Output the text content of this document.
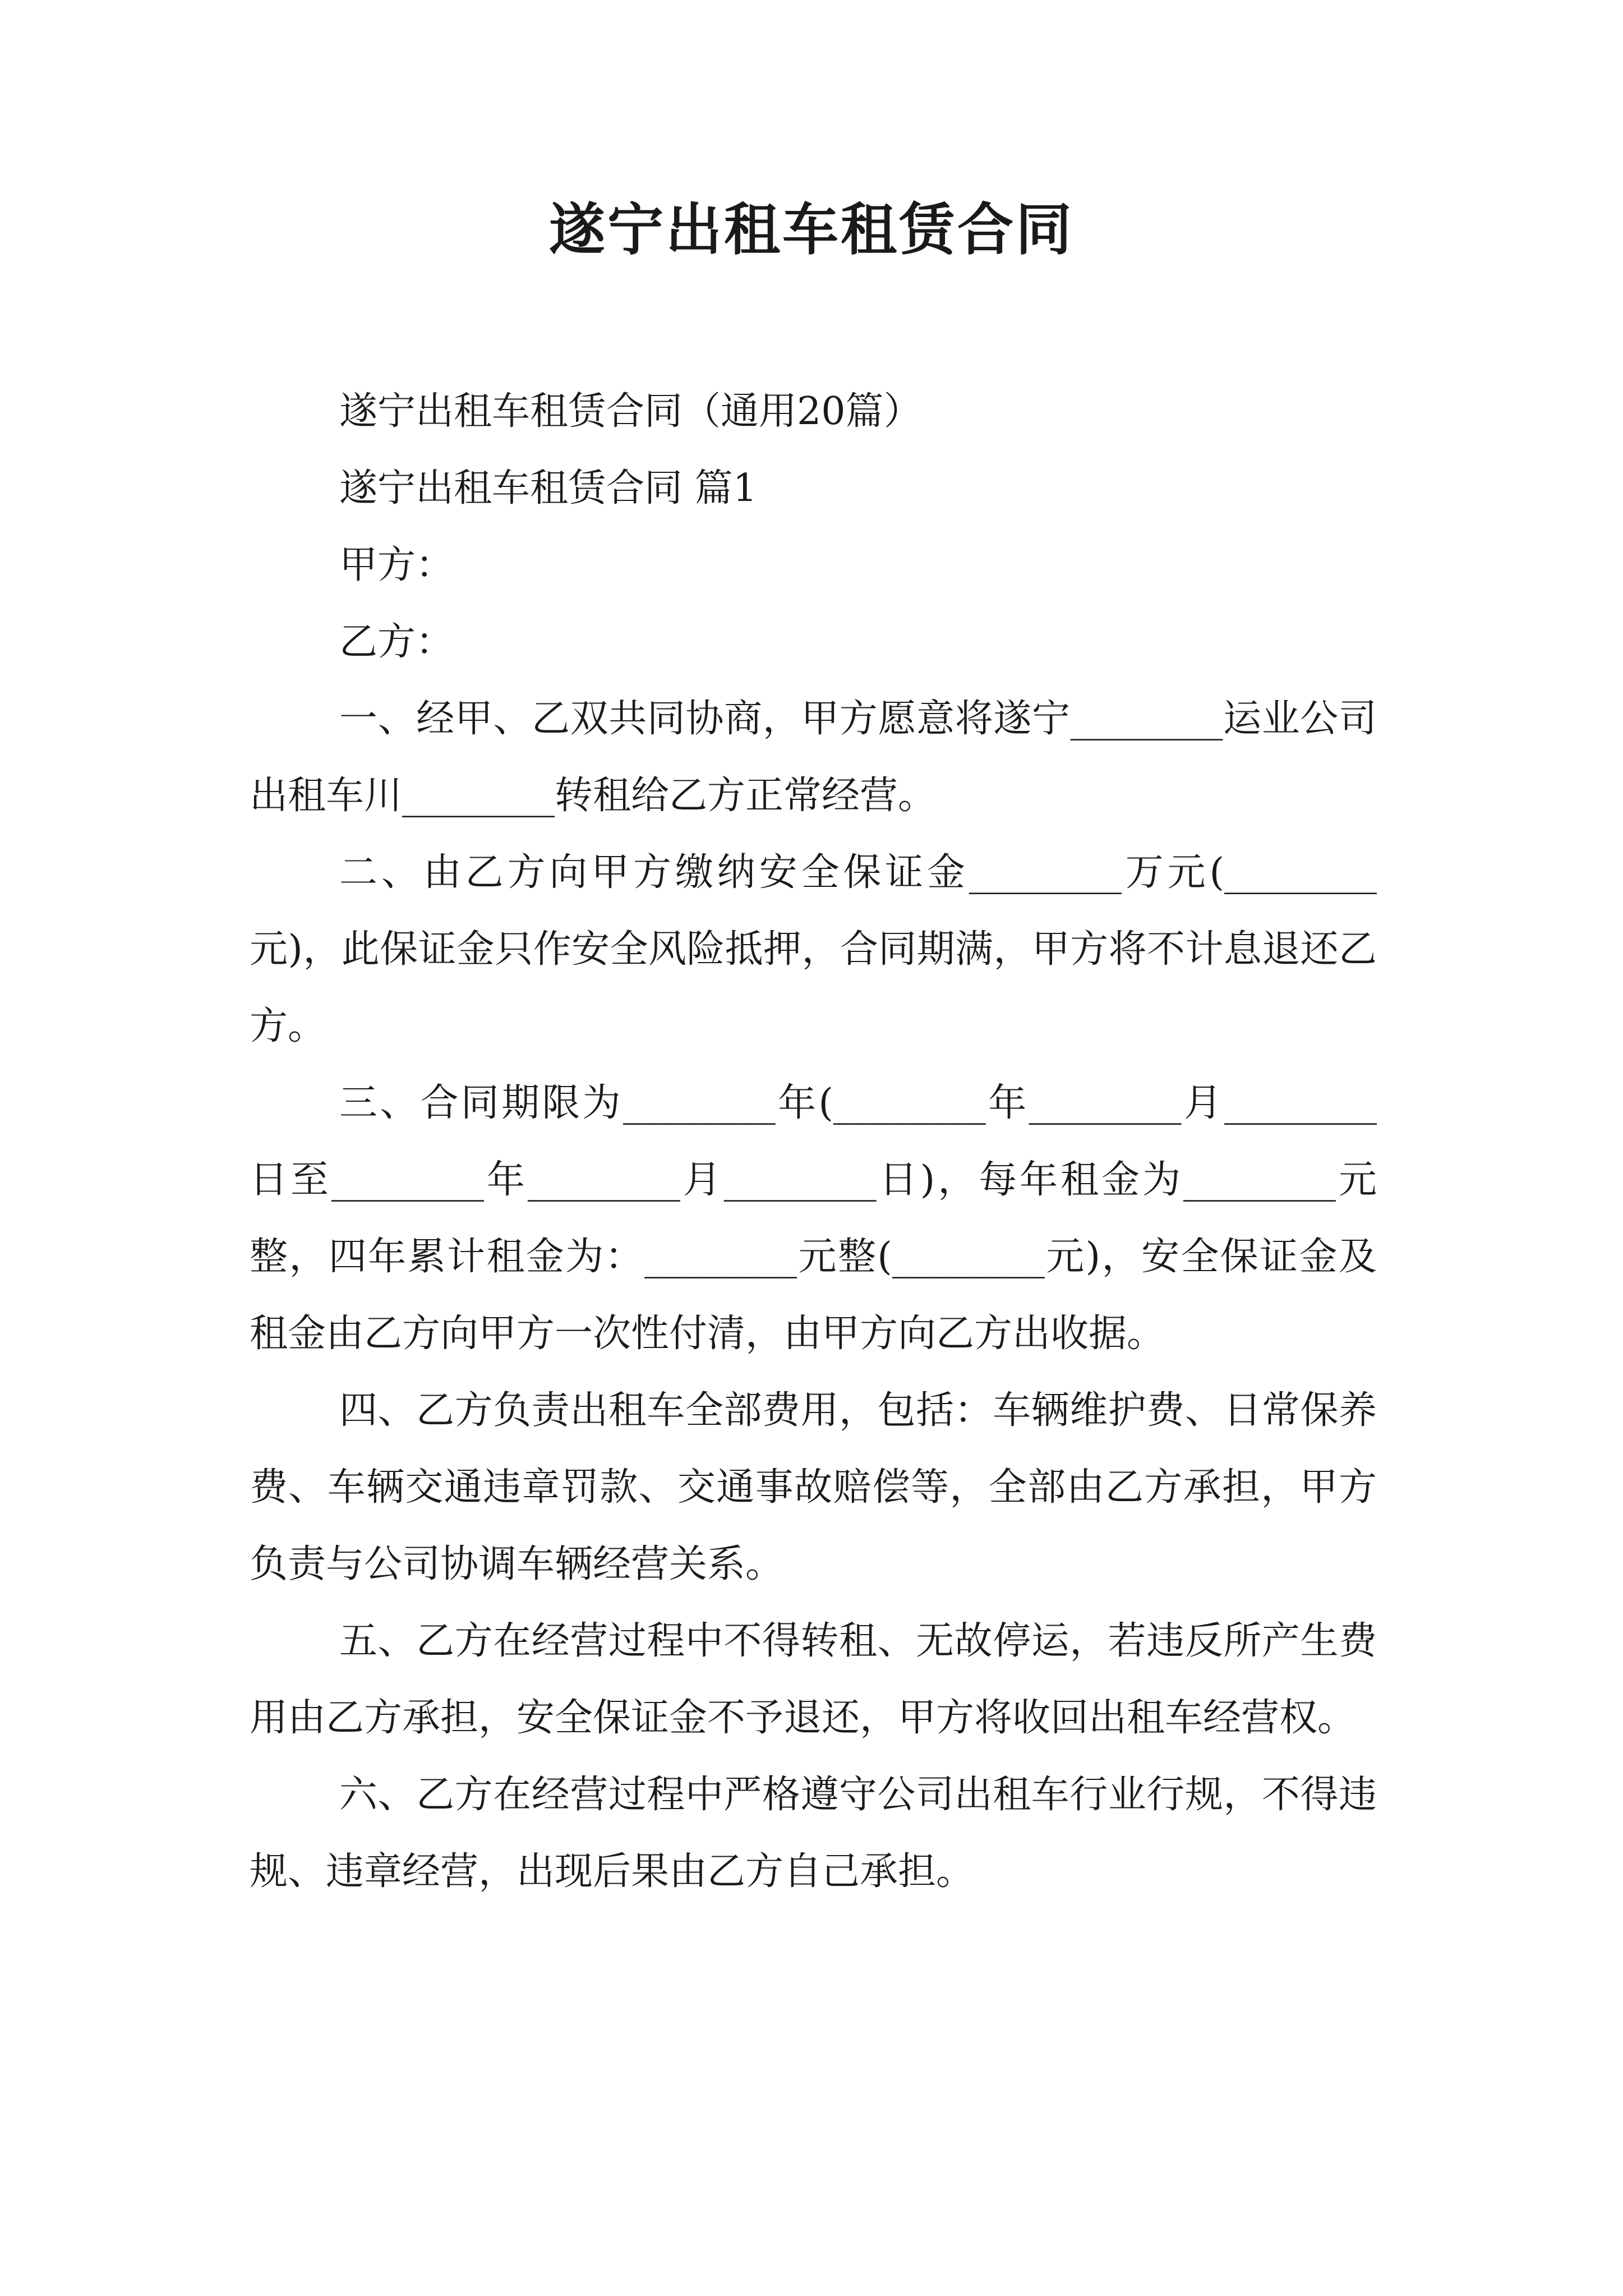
遂宁出租车租赁合同
遂宁出租车租赁合同（通用20篇）
遂宁出租车租赁合同 篇1
甲方：
乙方：
一、经甲、乙双共同协商，甲方愿意将遂宁________运业公司出租车川________转租给乙方正常经营。
二、由乙方向甲方缴纳安全保证金________万元(________元)，此保证金只作安全风险抵押，合同期满，甲方将不计息退还乙方。
三、合同期限为________年(________年________月________日至________年________月________日)，每年租金为________元整，四年累计租金为：________元整(________元)，安全保证金及租金由乙方向甲方一次性付清，由甲方向乙方出收据。
四、乙方负责出租车全部费用，包括：车辆维护费、日常保养费、车辆交通违章罚款、交通事故赔偿等，全部由乙方承担，甲方负责与公司协调车辆经营关系。
五、乙方在经营过程中不得转租、无故停运，若违反所产生费用由乙方承担，安全保证金不予退还，甲方将收回出租车经营权。
六、乙方在经营过程中严格遵守公司出租车行业行规，不得违规、违章经营，出现后果由乙方自己承担。
